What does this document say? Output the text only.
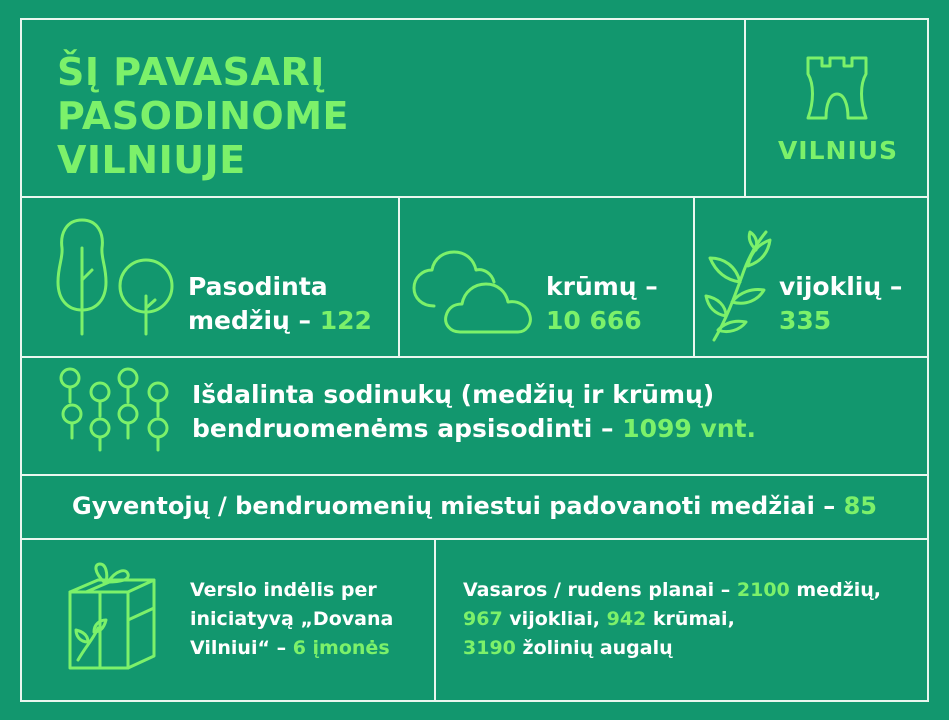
ŠĮ PAVASARĮ
PASODINOME
VILNIUJE	VILNIUS
Pasodinta
medžių – 122
krūmų –
10 666
vijoklių –
335
Išdalinta sodinukų (medžių ir krūmų)
bendruomenėms apsisodinti – 1099 vnt.
Gyventojų / bendruomenių miestui padovanoti medžiai – 85
Verslo indėlis per
iniciatyvą „Dovana
Vilniui“ – 6 įmonės
Vasaros / rudens planai – 2100 medžių,
967 vijokliai, 942 krūmai,
3190 žolinių augalų
